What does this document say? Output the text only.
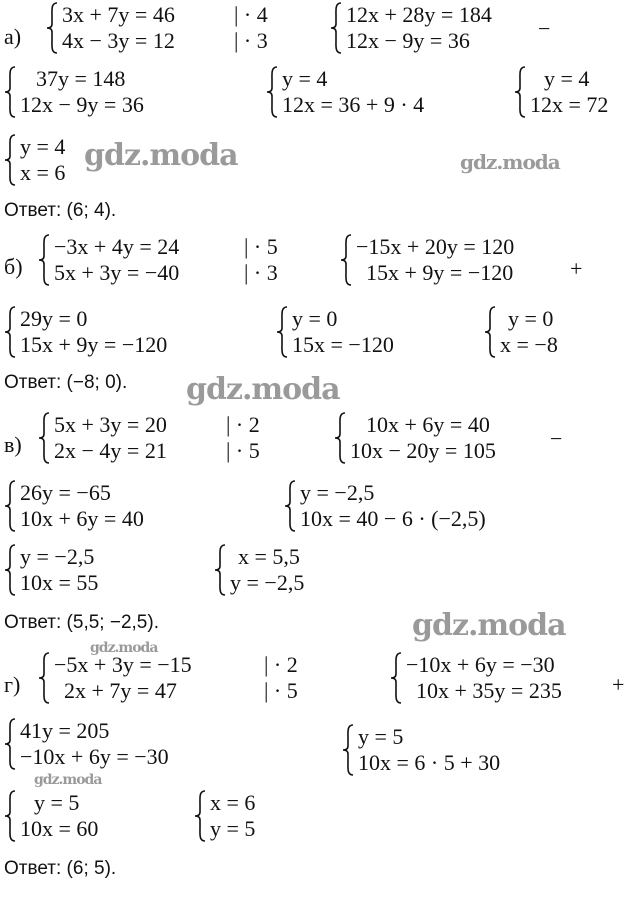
а)
3x + 7y = 46	| · 4
4x − 3y = 12	| · 3
12x + 28y = 184
12x − 9y = 36	−
37y = 148
12x − 9y = 36
y = 4
12x = 36 + 9 · 4
y = 4
12x = 72
y = 4
x = 6 gdz.moda	gdz.moda
Ответ: (6; 4).
б)
−3x + 4y = 24	| · 5
5x + 3y = −40	| · 3
−15x + 20y = 120
15x + 9y = −120	+
29y = 0
15x + 9y = −120
y = 0
15x = −120
y = 0
x = −8
Ответ: (−8; 0). gdz.moda
в)
5x + 3y = 20	| · 2
2x − 4y = 21	| · 5
10x + 6y = 40
10x − 20y = 105 −
26y = −65
10x + 6y = 40
y = −2,5
10x = 40 − 6 · (−2,5)
y = −2,5
10x = 55
x = 5,5
y = −2,5
Ответ: (5,5; −2,5).	gdz.moda
gdz.moda
г)
−5x + 3y = −15	| · 2
2x + 7y = 47	| · 5
−10x + 6y = −30
10x + 35y = 235 +
41y = 205
−10x + 6y = −30
y = 5
10x = 6 · 5 + 30
gdz.moda
y = 5
10x = 60
x = 6
y = 5
Ответ: (6; 5).
